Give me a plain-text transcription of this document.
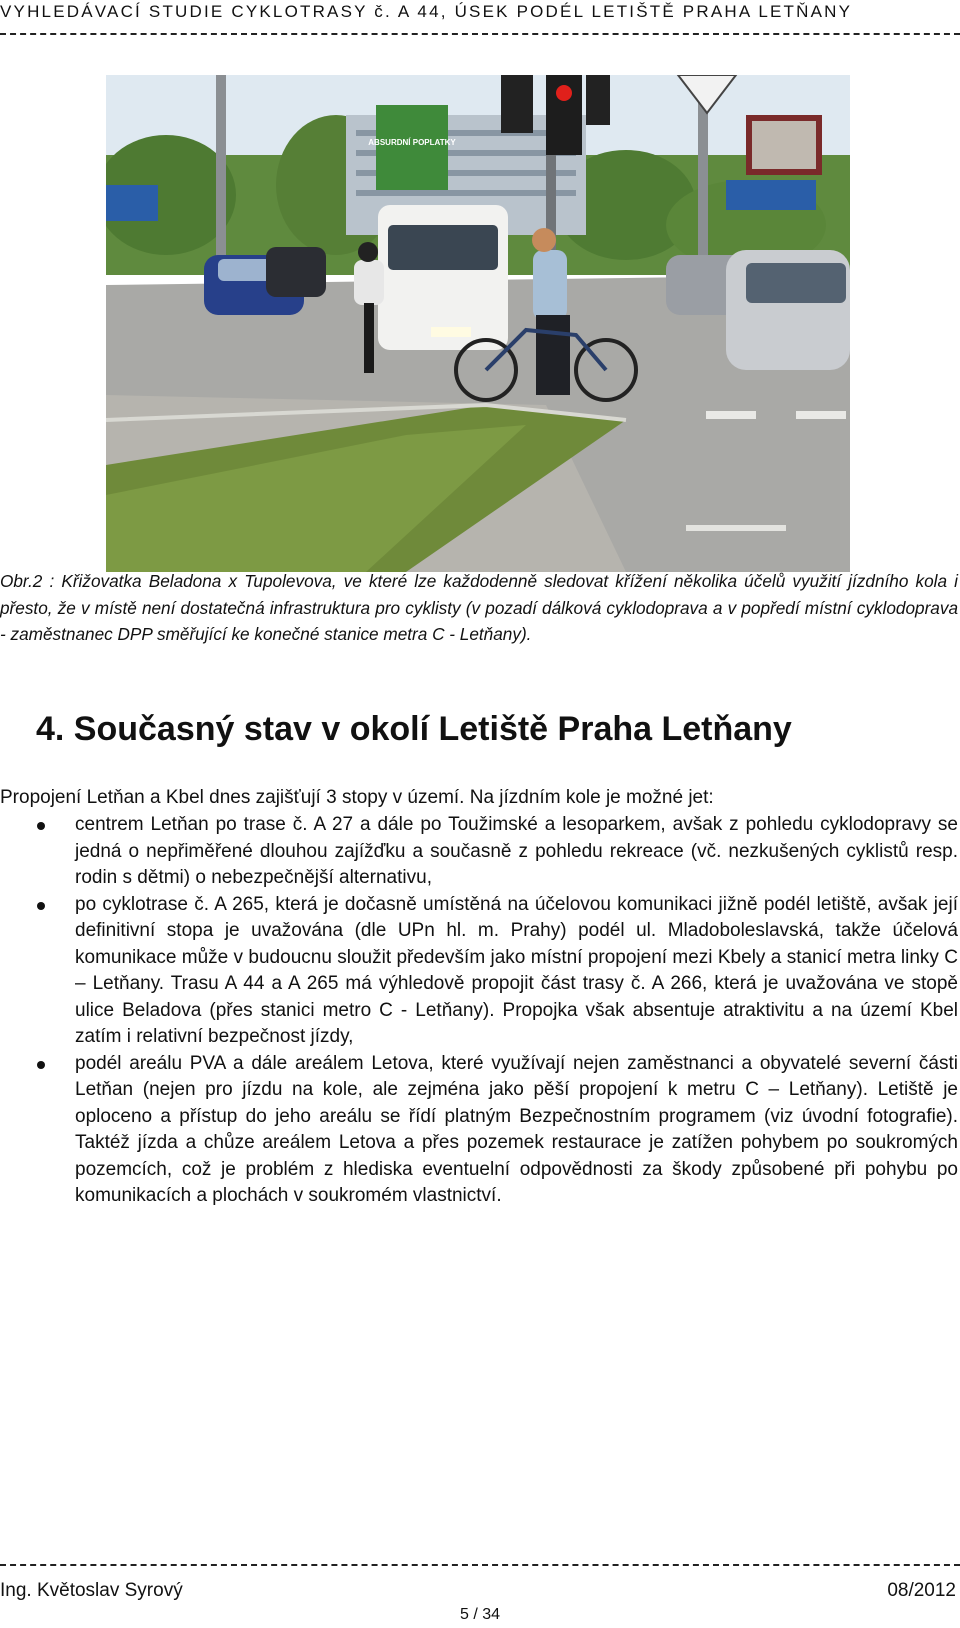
VYHLEDÁVACÍ STUDIE CYKLOTRASY č. A 44, ÚSEK PODÉL LETIŠTĚ PRAHA LETŇANY
ABSURDNÍ POPLATKY
Obr.2 : Křižovatka Beladona x Tupolevova, ve které lze každodenně sledovat křížení několika účelů využití jízdního kola i přesto, že v místě není dostatečná infrastruktura pro cyklisty (v pozadí dálková cyklodoprava a v popředí místní cyklodoprava - zaměstnanec DPP směřující ke konečné stanice metra C - Letňany).
4. Současný stav v okolí Letiště Praha Letňany
Propojení Letňan a Kbel dnes zajišťují 3 stopy v území. Na jízdním kole je možné jet:
centrem Letňan po trase č. A 27 a dále po Toužimské a lesoparkem, avšak z pohledu cyklodopravy se jedná o nepřiměřené dlouhou zajížďku a současně z pohledu rekreace (vč. nezkušených cyklistů resp. rodin s dětmi) o nebezpečnější alternativu,
po cyklotrase č. A 265, která je dočasně umístěná na účelovou komunikaci jižně podél letiště, avšak její definitivní stopa je uvažována (dle UPn hl. m. Prahy) podél ul. Mladoboleslavská, takže účelová komunikace může v budoucnu sloužit především jako místní propojení mezi Kbely a stanicí metra linky C – Letňany. Trasu A 44 a A 265 má výhledově propojit část trasy č. A 266, která je uvažována ve stopě ulice Beladova (přes stanici metro C - Letňany). Propojka však absentuje atraktivitu a na území Kbel zatím i relativní bezpečnost jízdy,
podél areálu PVA a dále areálem Letova, které využívají nejen zaměstnanci a obyvatelé severní části Letňan (nejen pro jízdu na kole, ale zejména jako pěší propojení k metru C – Letňany). Letiště je oploceno a přístup do jeho areálu se řídí platným Bezpečnostním programem (viz úvodní fotografie). Taktéž jízda a chůze areálem Letova a přes pozemek restaurace je zatížen pohybem po soukromých pozemcích, což je problém z hlediska eventuelní odpovědnosti za škody způsobené při pohybu po komunikacích a plochách v soukromém vlastnictví.
Ing. Květoslav Syrový	08/2012
5 / 34
